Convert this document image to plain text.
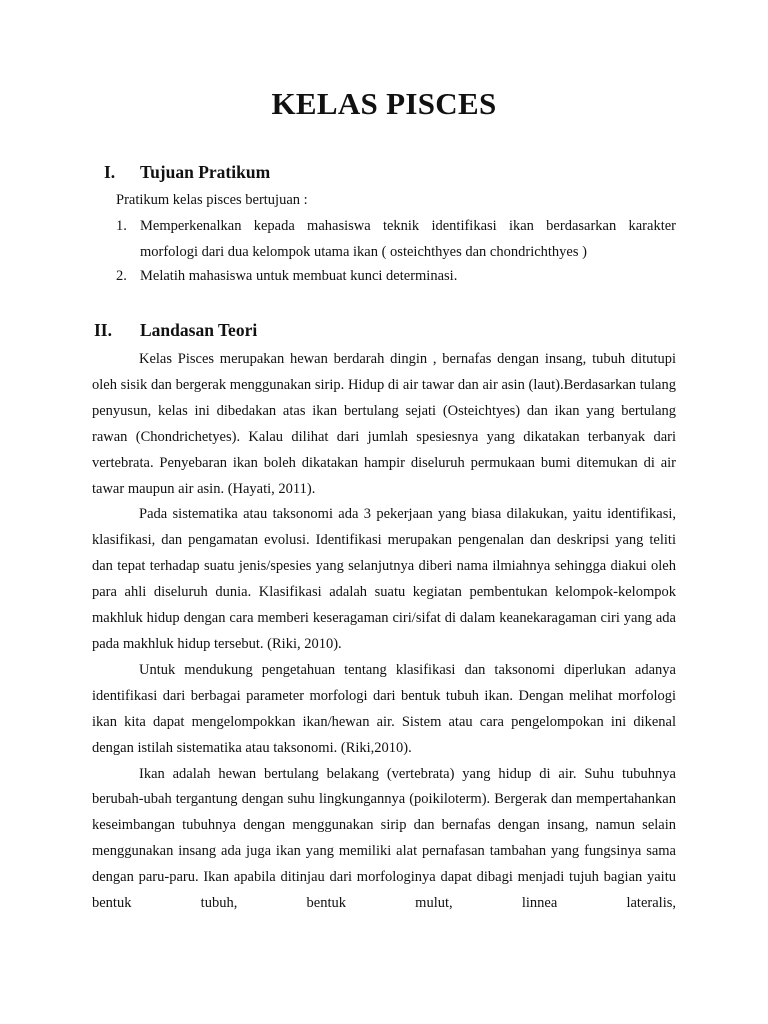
KELAS PISCES
I. Tujuan Pratikum
Pratikum kelas pisces bertujuan :
1. Memperkenalkan kepada mahasiswa teknik identifikasi ikan berdasarkan karakter morfologi dari dua kelompok utama ikan ( osteichthyes dan chondrichthyes )
2. Melatih mahasiswa untuk membuat kunci determinasi.
II. Landasan Teori

Kelas Pisces merupakan hewan berdarah dingin , bernafas dengan insang, tubuh ditutupi oleh sisik dan bergerak menggunakan sirip. Hidup di air tawar dan air asin (laut).Berdasarkan tulang penyusun, kelas ini dibedakan atas ikan bertulang sejati (Osteichtyes) dan ikan yang bertulang rawan (Chondrichetyes). Kalau dilihat dari jumlah spesiesnya yang dikatakan terbanyak dari vertebrata. Penyebaran ikan boleh dikatakan hampir diseluruh permukaan bumi ditemukan di air tawar maupun air asin. (Hayati, 2011).

Pada sistematika atau taksonomi ada 3 pekerjaan yang biasa dilakukan, yaitu identifikasi, klasifikasi, dan pengamatan evolusi. Identifikasi merupakan pengenalan dan deskripsi yang teliti dan tepat terhadap suatu jenis/spesies yang selanjutnya diberi nama ilmiahnya sehingga diakui oleh para ahli diseluruh dunia. Klasifikasi adalah suatu kegiatan pembentukan kelompok-kelompok makhluk hidup dengan cara memberi keseragaman ciri/sifat di dalam keanekaragaman ciri yang ada pada makhluk hidup tersebut. (Riki, 2010).

Untuk mendukung pengetahuan tentang klasifikasi dan taksonomi diperlukan adanya identifikasi dari berbagai parameter morfologi dari bentuk tubuh ikan. Dengan melihat morfologi ikan kita dapat mengelompokkan ikan/hewan air. Sistem atau cara pengelompokan ini dikenal dengan istilah sistematika atau taksonomi. (Riki,2010).

Ikan adalah hewan bertulang belakang (vertebrata) yang hidup di air. Suhu tubuhnya berubah-ubah tergantung dengan suhu lingkungannya (poikiloterm). Bergerak dan mempertahankan keseimbangan tubuhnya dengan menggunakan sirip dan bernafas dengan insang, namun selain menggunakan insang ada juga ikan yang memiliki alat pernafasan tambahan yang fungsinya sama dengan paru-paru. Ikan apabila ditinjau dari morfologinya dapat dibagi menjadi tujuh bagian yaitu bentuk tubuh, bentuk mulut, linnea lateralis,
